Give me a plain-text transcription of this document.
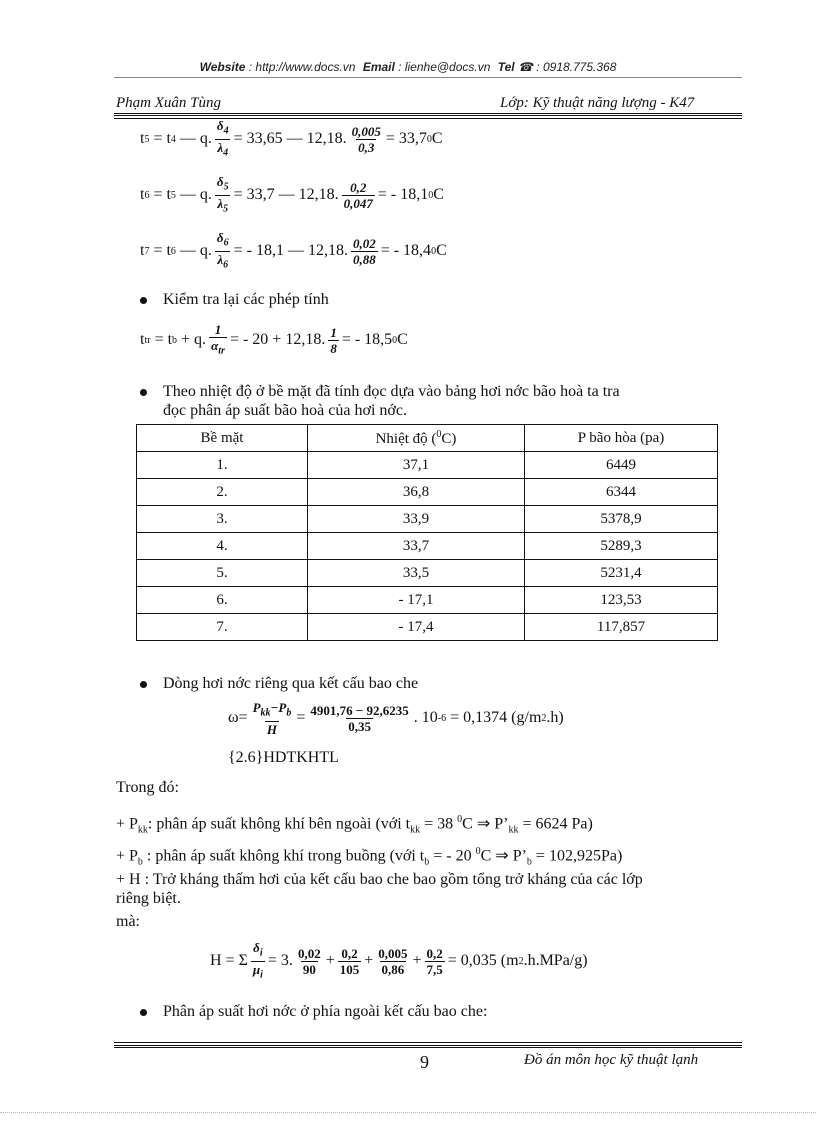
Website : http://www.docs.vn Email : lienhe@docs.vn Tel ☎ : 0918.775.368
Phạm Xuân Tùng	Lớp: Kỹ thuật năng lượng - K47
t 5
= t 4
— q. $\frac{\delta_4}{\lambda_4} = 33,65$ — 12,18. $\frac{0,005}{0,3} = 33,7$ 0 C
t 6
= t 5
— q. $\frac{\delta_5}{\lambda_5} = 33,7$ — 12,18. $\frac{0,2}{0,047}$ = - 18,1 0 C
t 7
= t 6
— q. $\frac{\delta_6}{\lambda_6}$ = - 18,1 — 12,18. $\frac{0,02}{0,88}$ = - 18,4 0 C
Kiểm tra lại các phép tính
t tr
= t b
+ q. $\frac{1}{\alpha_{tr}}$ = - 20 + 12,18. $\frac{1}{8}$ = - 18,5 0 C
Theo nhiệt độ ở bề mặt đã tính đọc dựa vào bảng hơi nớc bão hoà ta tra
đọc phân áp suất bão hoà của hơi nớc.
Bề mặt	Nhiệt độ ($^0$C)	P bão hòa (pa)
1.	37,1	6449
2.	36,8	6344
3.	33,9	5378,9
4.	33,7	5289,3
5.	33,5	5231,4
6.	- 17,1	123,53
7.	- 17,4	117,857
Dòng hơi nớc riêng qua kết cấu bao che
$\omega= \frac{P_{kk}-P_b}{H} = \frac{4901,76 - 92,6235}{0,35}$ . 10 -6
= 0,1374 (g/m 2 .h)
{2.6}HDTKHTL
Trong đó:
+ $P_{kk}$: phân áp suất không khí bên ngoài (với $t_{kk} = 38$ $^0$C ⇒ $P’_{kk} = 6624$ Pa)
+ $P_b$ : phân áp suất không khí trong buồng (với $t_b$ = - 20 $^0$C ⇒ $P’_b = 102,925Pa$)
+ H : Trở kháng thấm hơi của kết cấu bao che bao gồm tổng trở kháng của các lớp
riêng biệt.
mà:
H = Σ $\frac{\delta_i}{\mu_i} = 3$. $\frac{0,02}{90} + \frac{0,2}{105} + \frac{0,005}{0,86} + \frac{0,2}{7,5} = 0,035$ (m 2 .h.MPa/g)
Phân áp suất hơi nớc ở phía ngoài kết cấu bao che:
9	Đồ án môn học kỹ thuật lạnh
